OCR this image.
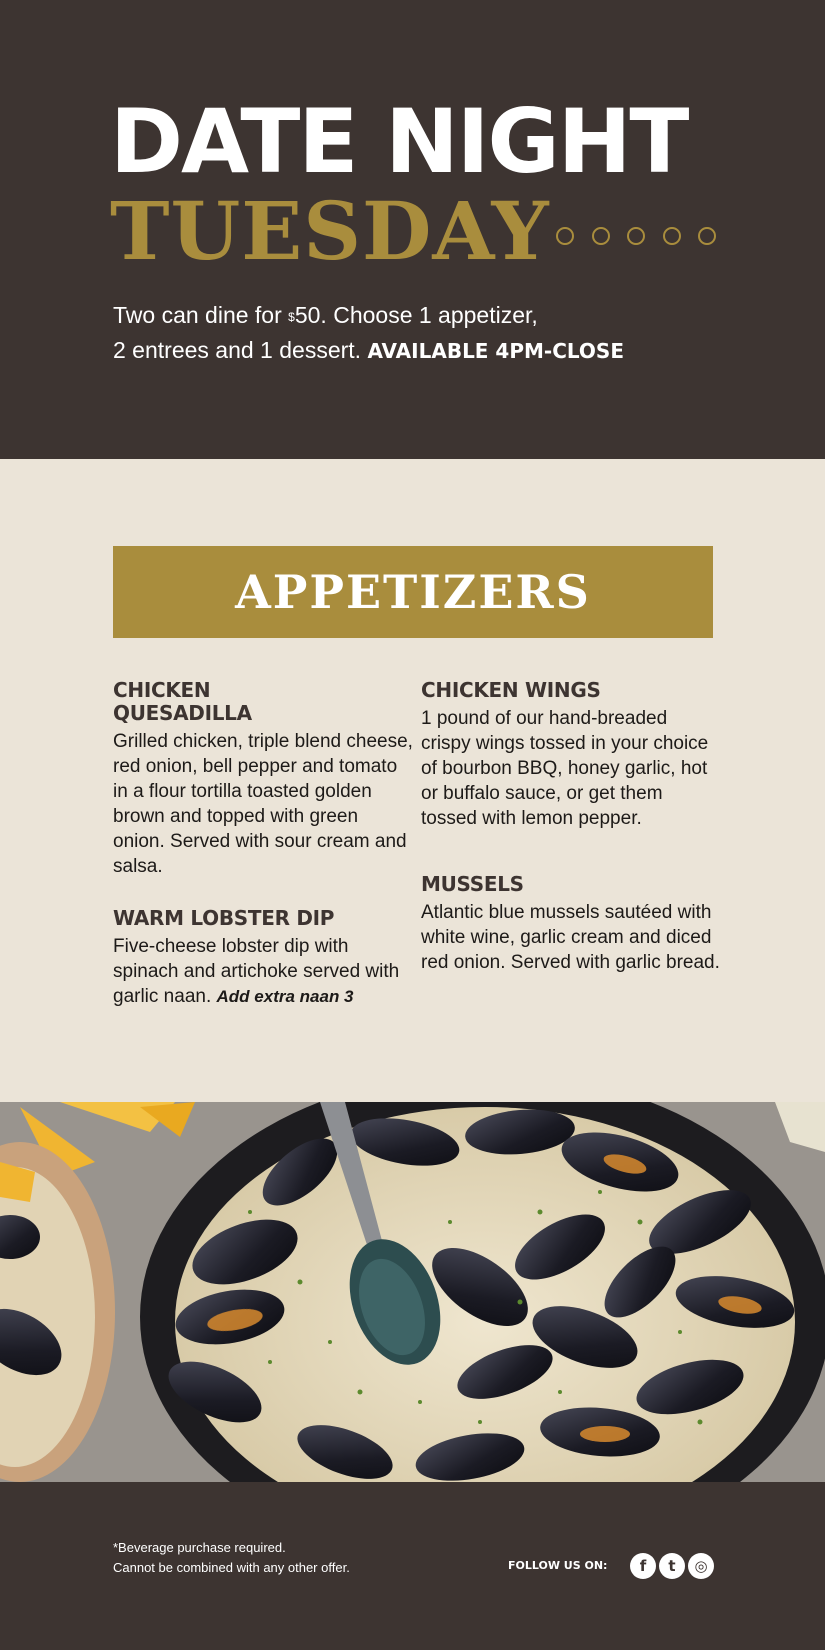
DATE NIGHT
TUESDAY
Two can dine for $50. Choose 1 appetizer,
2 entrees and 1 dessert. AVAILABLE 4PM-CLOSE
APPETIZERS
CHICKEN
QUESADILLA
Grilled chicken, triple blend cheese, red onion, bell pepper and tomato in a flour tortilla toasted golden brown and topped with green onion. Served with sour cream and salsa.
WARM LOBSTER DIP
Five-cheese lobster dip with spinach and artichoke served with garlic naan. Add extra naan 3
CHICKEN WINGS
1 pound of our hand-breaded crispy wings tossed in your choice of bourbon BBQ, honey garlic, hot or buffalo sauce, or get them tossed with lemon pepper.
MUSSELS
Atlantic blue mussels sautéed with white wine, garlic cream and diced red onion. Served with garlic bread.
*Beverage purchase required.
Cannot be combined with any other offer.	FOLLOW US ON:	f	t	◎
